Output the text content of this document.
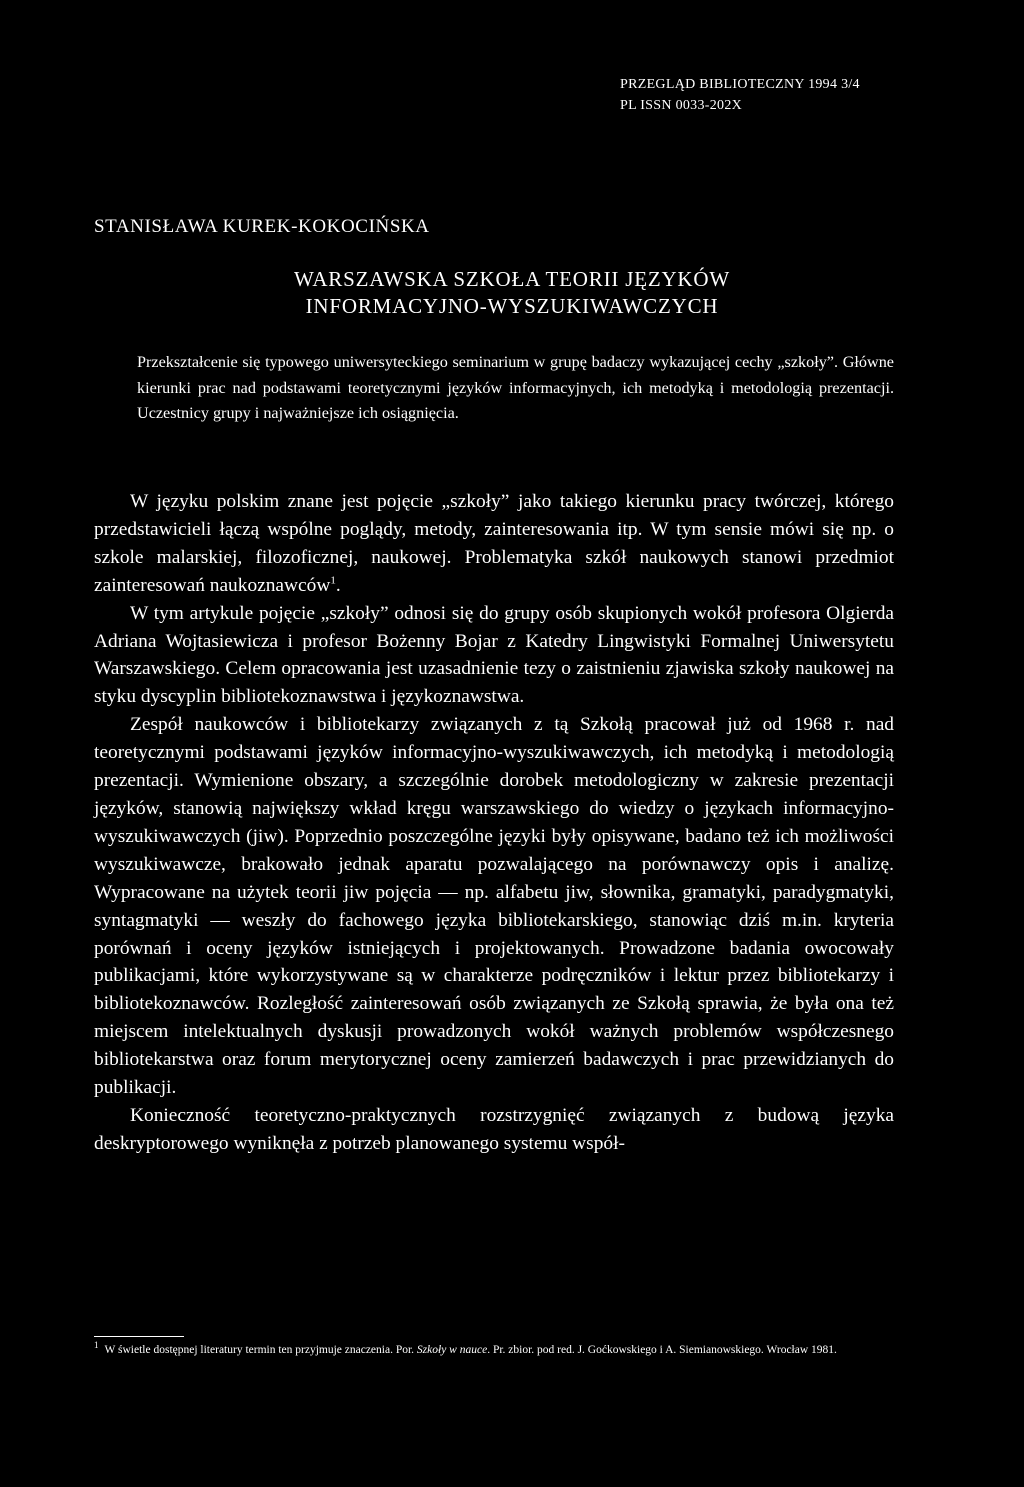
PRZEGLĄD BIBLIOTECZNY 1994 3/4
PL ISSN 0033-202X
STANISŁAWA KUREK-KOKOCIŃSKA
WARSZAWSKA SZKOŁA TEORII JĘZYKÓW
INFORMACYJNO-WYSZUKIWAWCZYCH
Przekształcenie się typowego uniwersyteckiego seminarium w grupę badaczy wykazującej cechy „szkoły”. Główne kierunki prac nad podstawami teoretycznymi języków informacyjnych, ich metodyką i metodologią prezentacji. Uczestnicy grupy i najważniejsze ich osiągnięcia.

W języku polskim znane jest pojęcie „szkoły” jako takiego kierunku pracy twórczej, którego przedstawicieli łączą wspólne poglądy, metody, zainteresowania itp. W tym sensie mówi się np. o szkole malarskiej, filozoficznej, naukowej. Problematyka szkół naukowych stanowi przedmiot zainteresowań naukoznawców$^1$.

W tym artykule pojęcie „szkoły” odnosi się do grupy osób skupionych wokół profesora Olgierda Adriana Wojtasiewicza i profesor Bożenny Bojar z Katedry Lingwistyki Formalnej Uniwersytetu Warszawskiego. Celem opracowania jest uzasadnienie tezy o zaistnieniu zjawiska szkoły naukowej na styku dyscyplin bibliotekoznawstwa i językoznawstwa.

Zespół naukowców i bibliotekarzy związanych z tą Szkołą pracował już od 1968 r. nad teoretycznymi podstawami języków informacyjno-wyszukiwawczych, ich metodyką i metodologią prezentacji. Wymienione obszary, a szczególnie dorobek metodologiczny w zakresie prezentacji języków, stanowią największy wkład kręgu warszawskiego do wiedzy o językach informacyjno-wyszukiwawczych (jiw). Poprzednio poszczególne języki były opisywane, badano też ich możliwości wyszukiwawcze, brakowało jednak aparatu pozwalającego na porównawczy opis i analizę. Wypracowane na użytek teorii jiw pojęcia — np. alfabetu jiw, słownika, gramatyki, paradygmatyki, syntagmatyki — weszły do fachowego języka bibliotekarskiego, stanowiąc dziś m.in. kryteria porównań i oceny języków istniejących i projektowanych. Prowadzone badania owocowały publikacjami, które wykorzystywane są w charakterze podręczników i lektur przez bibliotekarzy i bibliotekoznawców. Rozległość zainteresowań osób związanych ze Szkołą sprawia, że była ona też miejscem intelektualnych dyskusji prowadzonych wokół ważnych problemów współczesnego bibliotekarstwa oraz forum merytorycznej oceny zamierzeń badawczych i prac przewidzianych do publikacji.

Konieczność teoretyczno-praktycznych rozstrzygnięć związanych z budową języka deskryptorowego wyniknęła z potrzeb planowanego systemu współ-

$^1$ W świetle dostępnej literatury termin ten przyjmuje znaczenia. Por. Szkoły w nauce. Pr. zbior. pod red. J. Goćkowskiego i A. Siemianowskiego. Wrocław 1981.
